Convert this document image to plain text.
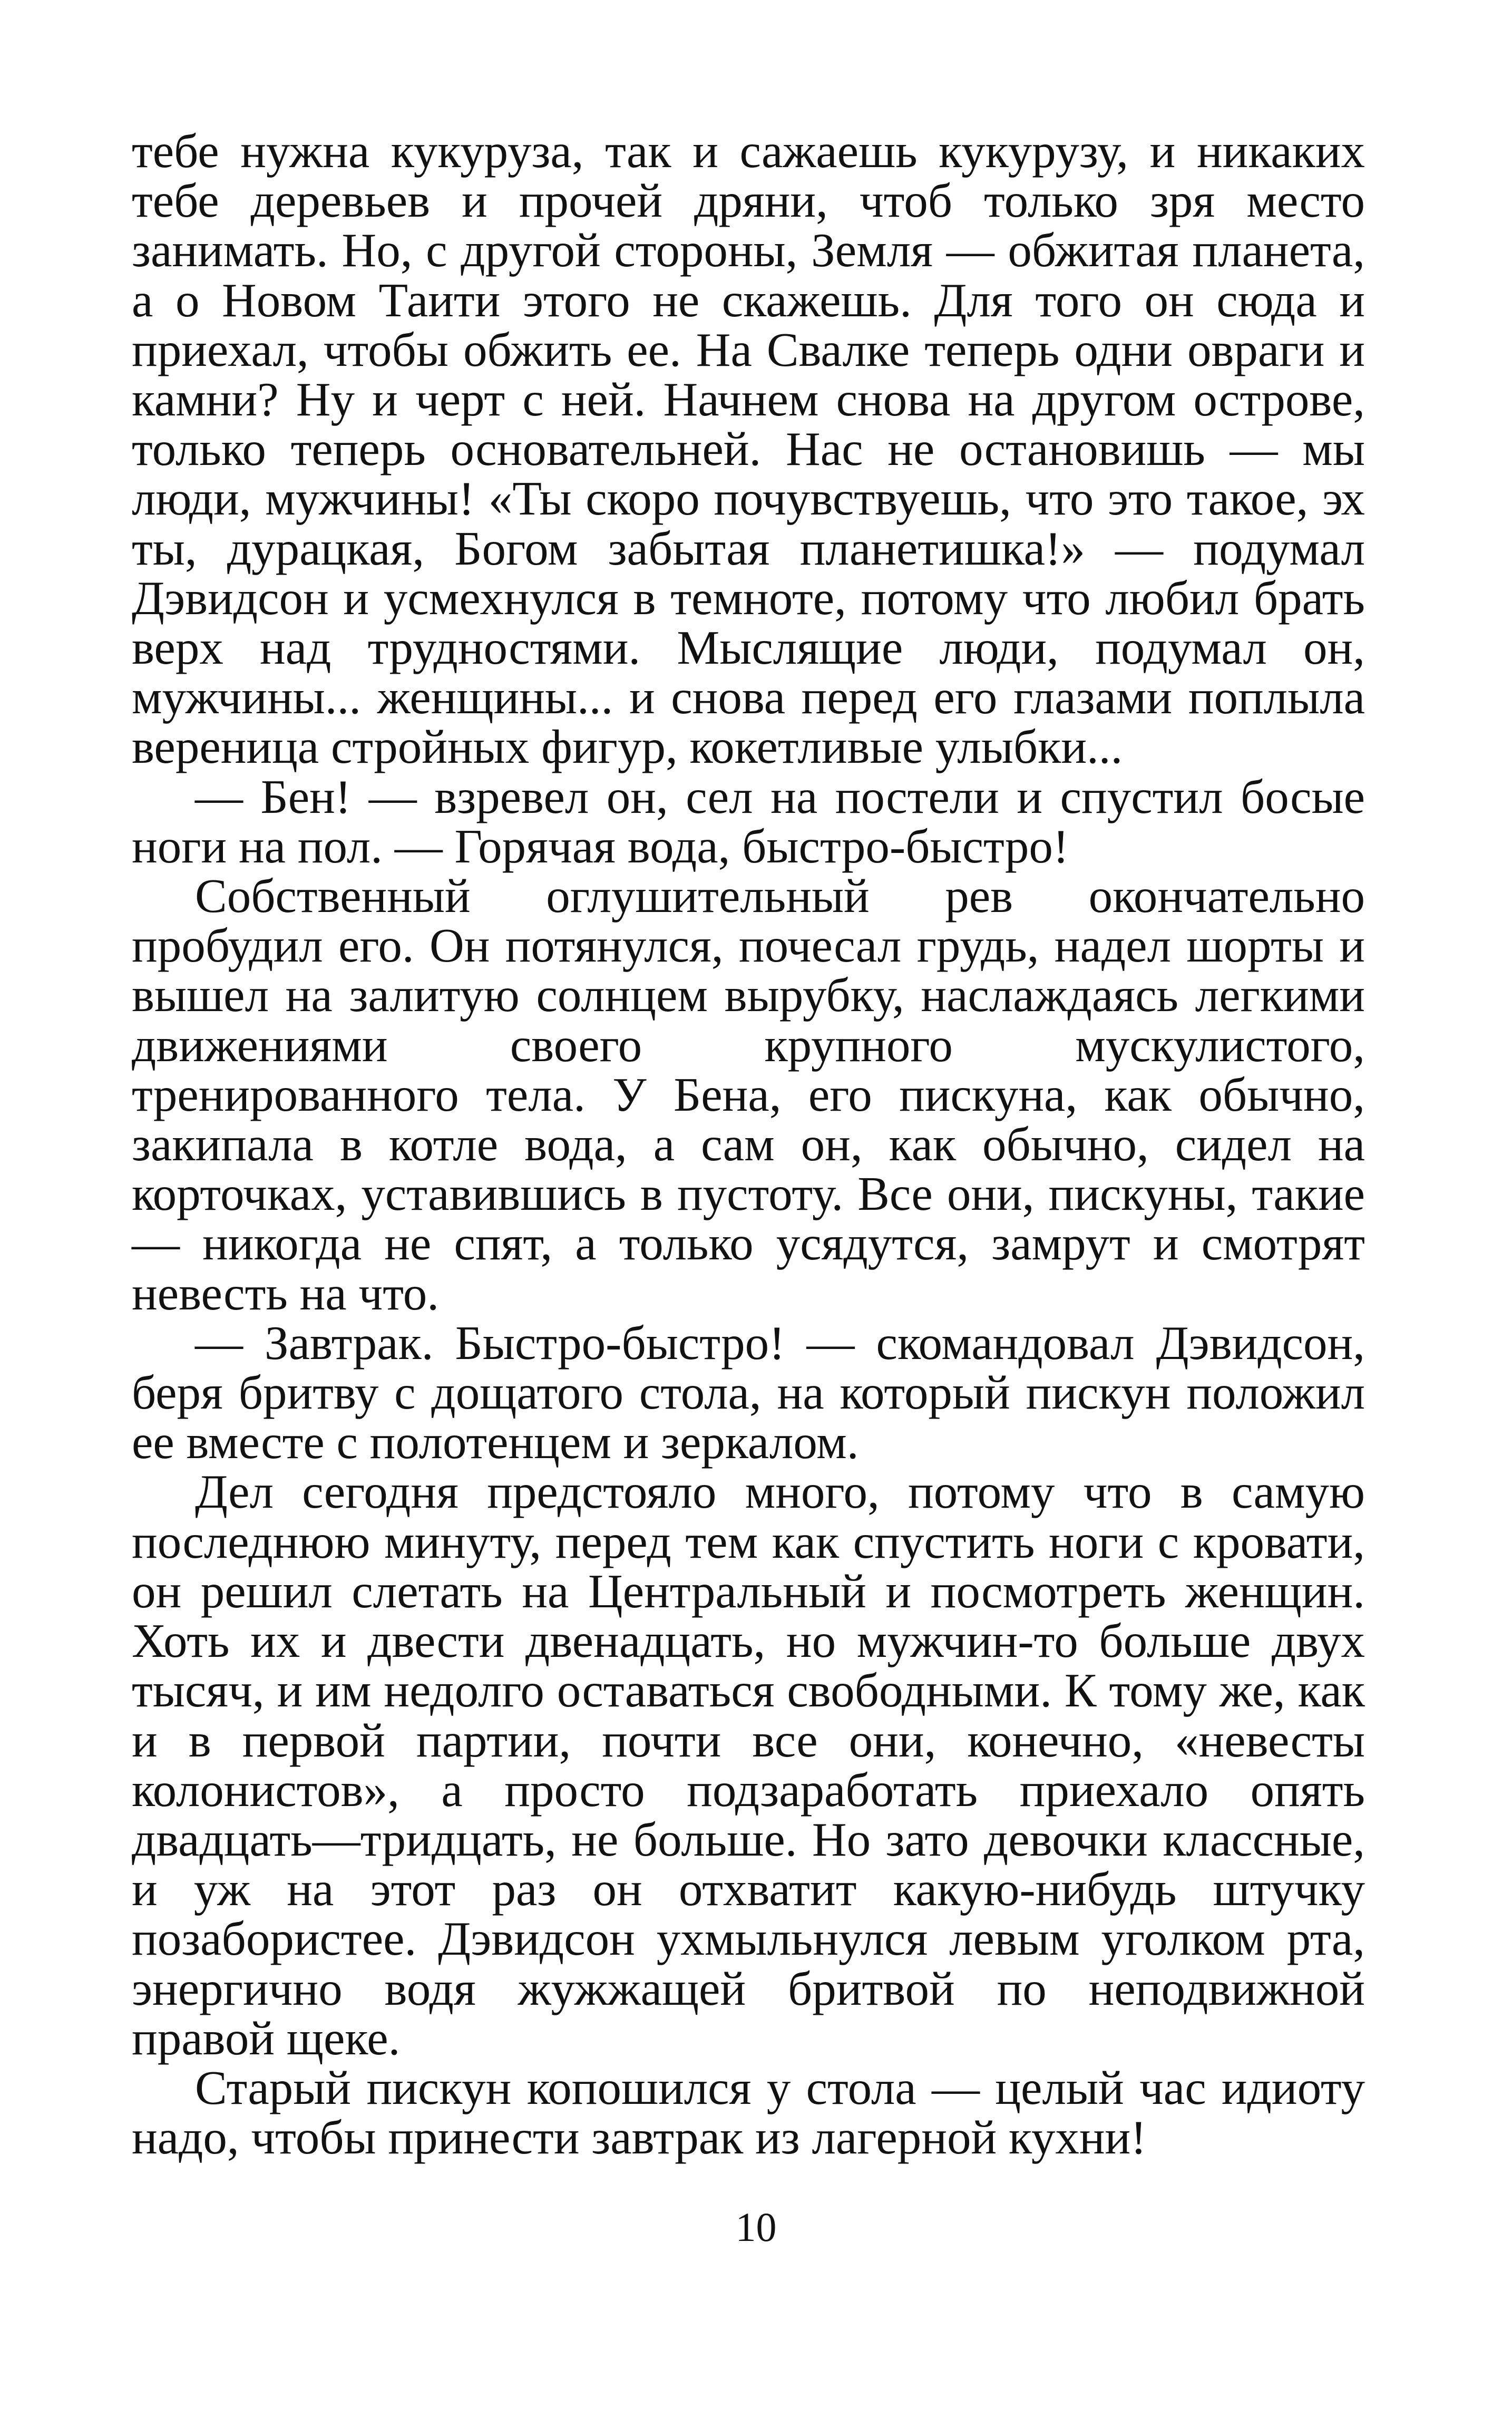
тебе нужна кукуруза, так и сажаешь кукурузу, и никаких тебе деревьев и прочей дряни, чтоб только зря место занимать. Но, с другой стороны, Земля — обжитая планета, а о Новом Таити этого не скажешь. Для того он сюда и приехал, чтобы обжить ее. На Свалке теперь одни овраги и камни? Ну и черт с ней. Начнем снова на другом острове, только теперь основательней. Нас не остановишь — мы люди, мужчины! «Ты скоро почувствуешь, что это такое, эх ты, дурацкая, Богом забытая планетишка!» — подумал Дэвидсон и усмехнулся в темноте, потому что любил брать верх над трудностями. Мыслящие люди, подумал он, мужчины... женщины... и снова перед его глазами поплыла вереница стройных фигур, кокетливые улыбки...

— Бен! — взревел он, сел на постели и спустил босые ноги на пол. — Горячая вода, быстро-быстро!

Собственный оглушительный рев окончательно пробудил его. Он потянулся, почесал грудь, надел шорты и вышел на залитую солнцем вырубку, наслаждаясь легкими движениями своего крупного мускулистого, тренированного тела. У Бена, его пискуна, как обычно, закипала в котле вода, а сам он, как обычно, сидел на корточках, уставившись в пустоту. Все они, пискуны, такие — никогда не спят, а только усядутся, замрут и смотрят невесть на что.

— Завтрак. Быстро-быстро! — скомандовал Дэвидсон, беря бритву с дощатого стола, на который пискун положил ее вместе с полотенцем и зеркалом.

Дел сегодня предстояло много, потому что в самую последнюю минуту, перед тем как спустить ноги с кровати, он решил слетать на Центральный и посмотреть женщин. Хоть их и двести двенадцать, но мужчин-то больше двух тысяч, и им недолго оставаться свободными. К тому же, как и в первой партии, почти все они, конечно, «невесты колонистов», а просто подзаработать приехало опять двадцать—тридцать, не больше. Но зато девочки классные, и уж на этот раз он отхватит какую-нибудь штучку позабористее. Дэвидсон ухмыльнулся левым уголком рта, энергично водя жужжащей бритвой по неподвижной правой щеке.

Старый пискун копошился у стола — целый час идиоту надо, чтобы принести завтрак из лагерной кухни!

10
